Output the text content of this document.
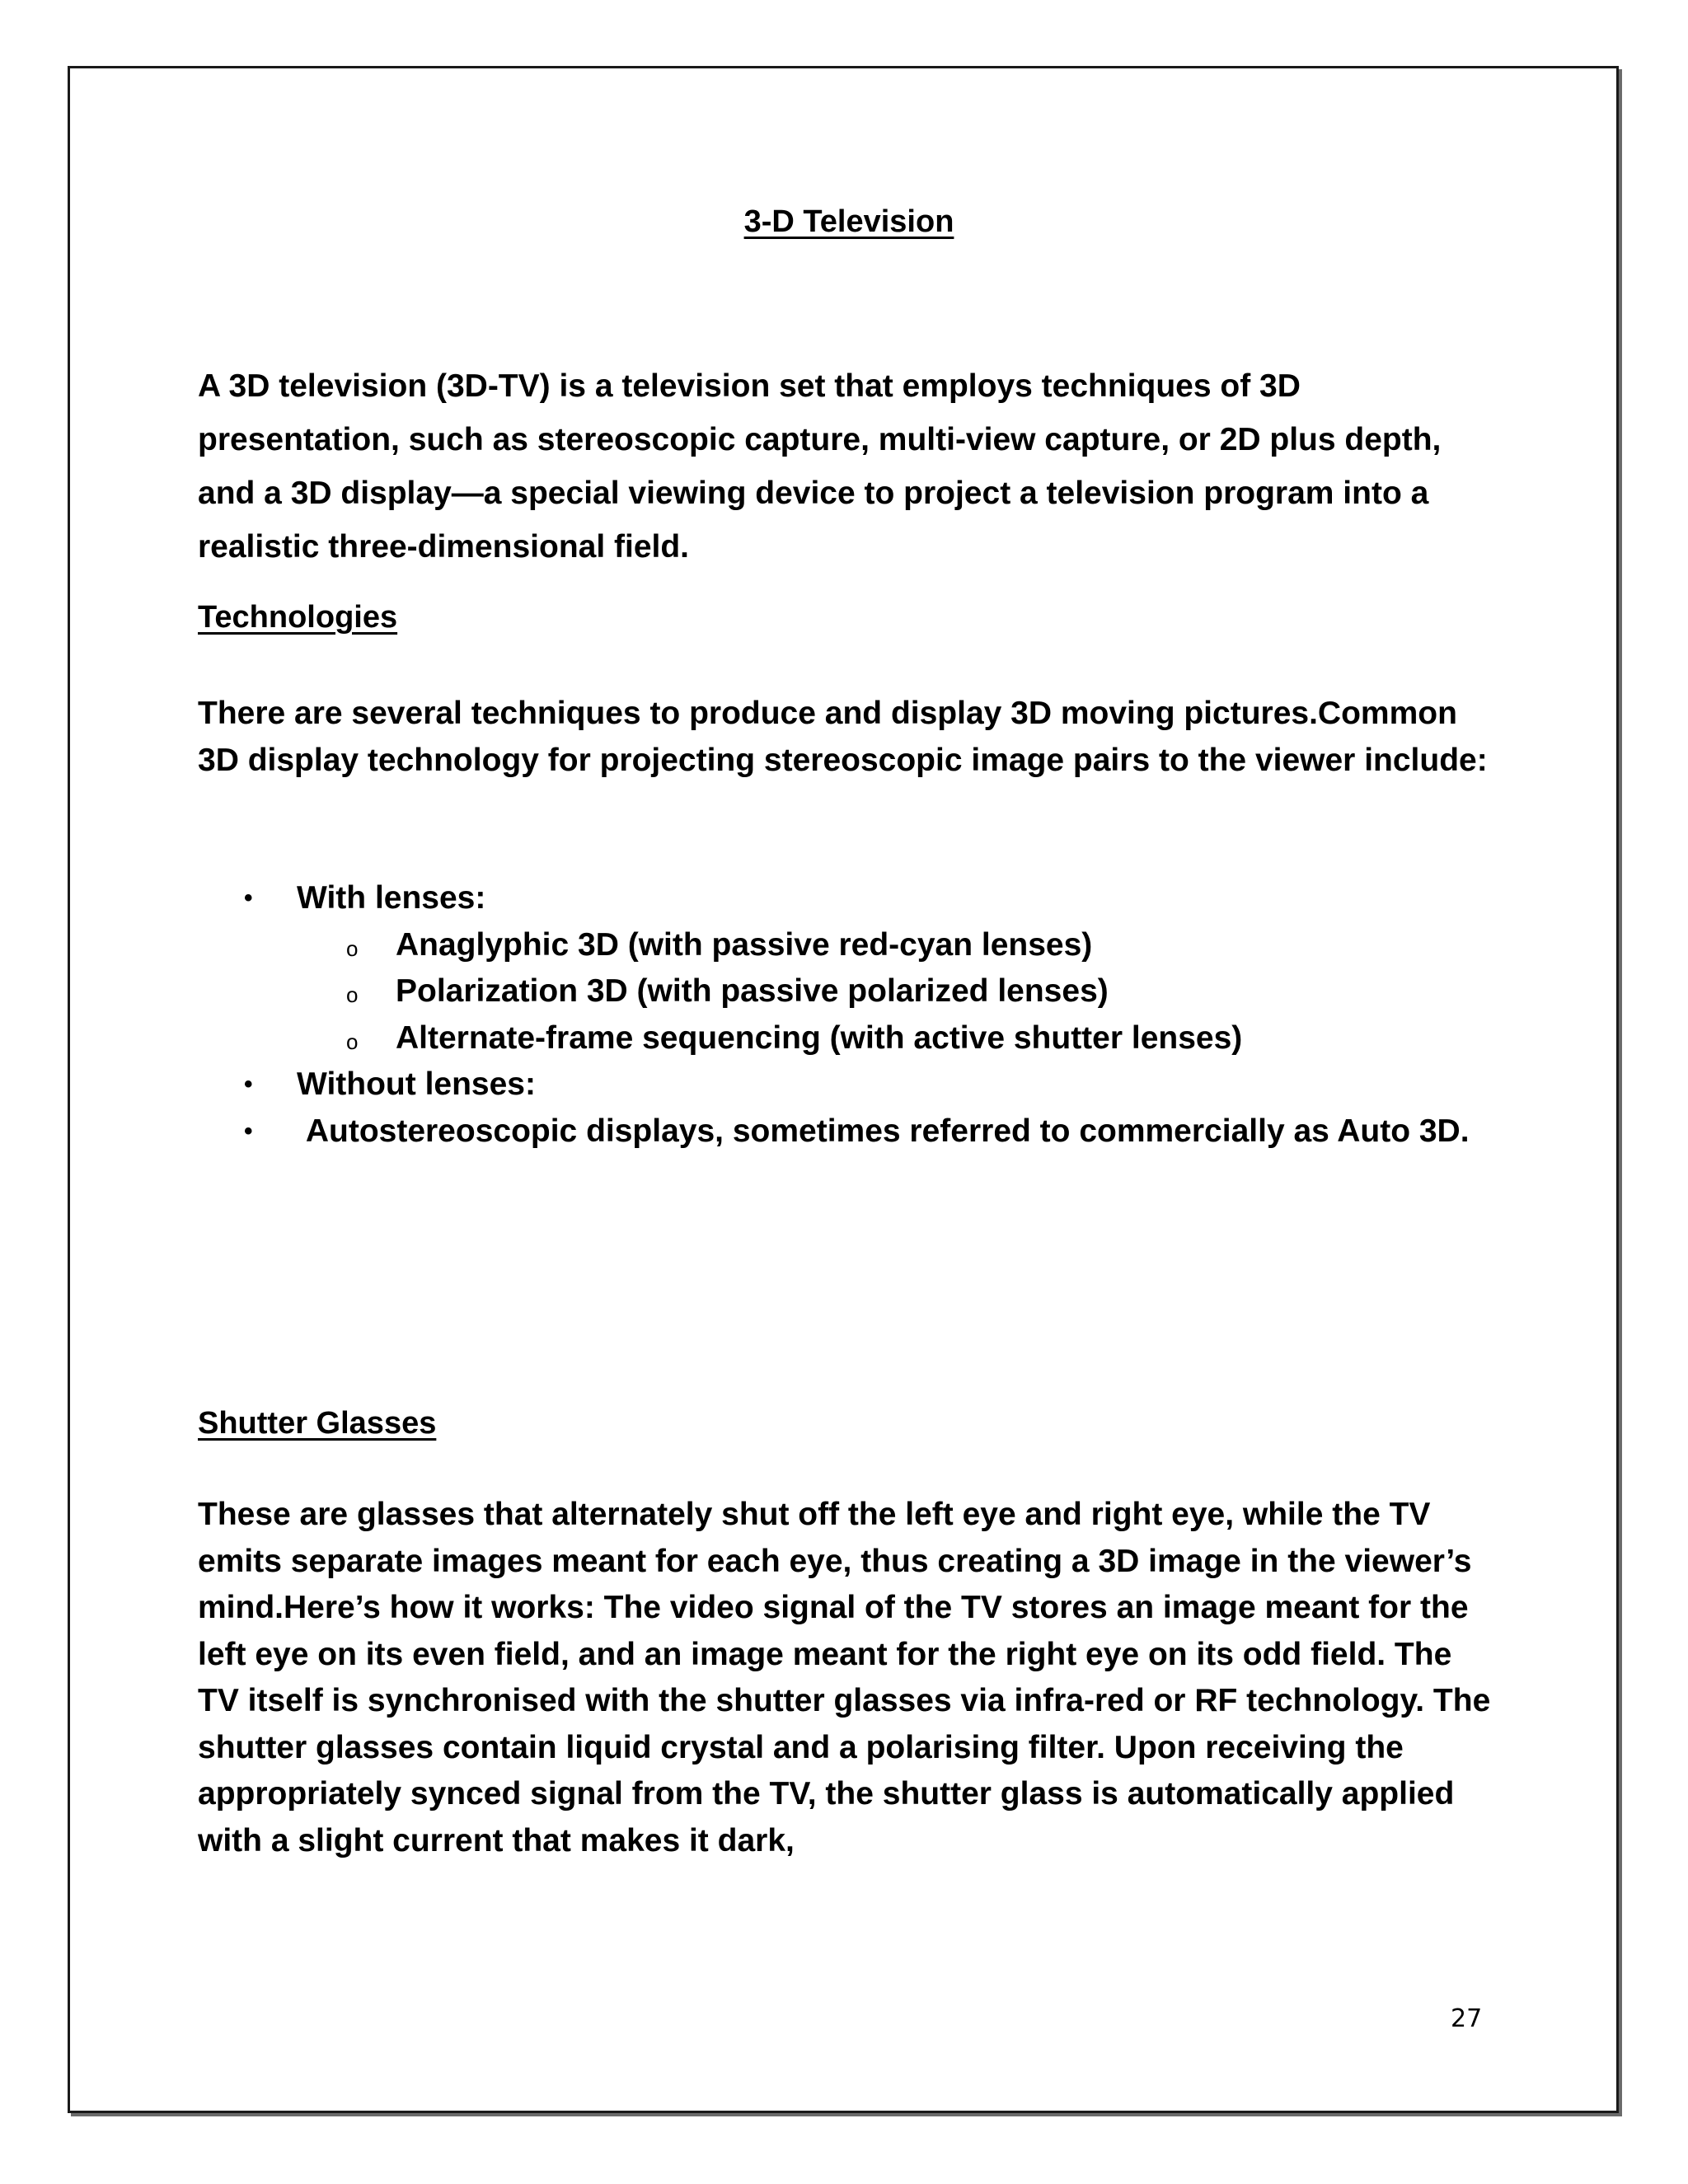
3-D Television

A 3D television (3D-TV) is a television set that employs techniques of 3D presentation, such as stereoscopic capture, multi-view capture, or 2D plus depth, and a 3D display—a special viewing device to project a television program into a realistic three-dimensional field.

Technologies

There are several techniques to produce and display 3D moving pictures.Common 3D display technology for projecting stereoscopic image pairs to the viewer include:

• With lenses:
o Anaglyphic 3D (with passive red-cyan lenses)
o Polarization 3D (with passive polarized lenses)
o Alternate-frame sequencing (with active shutter lenses)
• Without lenses:
• Autostereoscopic displays, sometimes referred to commercially as Auto 3D.
Shutter Glasses

These are glasses that alternately shut off the left eye and right eye, while the TV emits separate images meant for each eye, thus creating a 3D image in the viewer’s mind.Here’s how it works: The video signal of the TV stores an image meant for the left eye on its even field, and an image meant for the right eye on its odd field. The TV itself is synchronised with the shutter glasses via infra-red or RF technology. The shutter glasses contain liquid crystal and a polarising filter. Upon receiving the appropriately synced signal from the TV, the shutter glass is automatically applied with a slight current that makes it dark,

27
